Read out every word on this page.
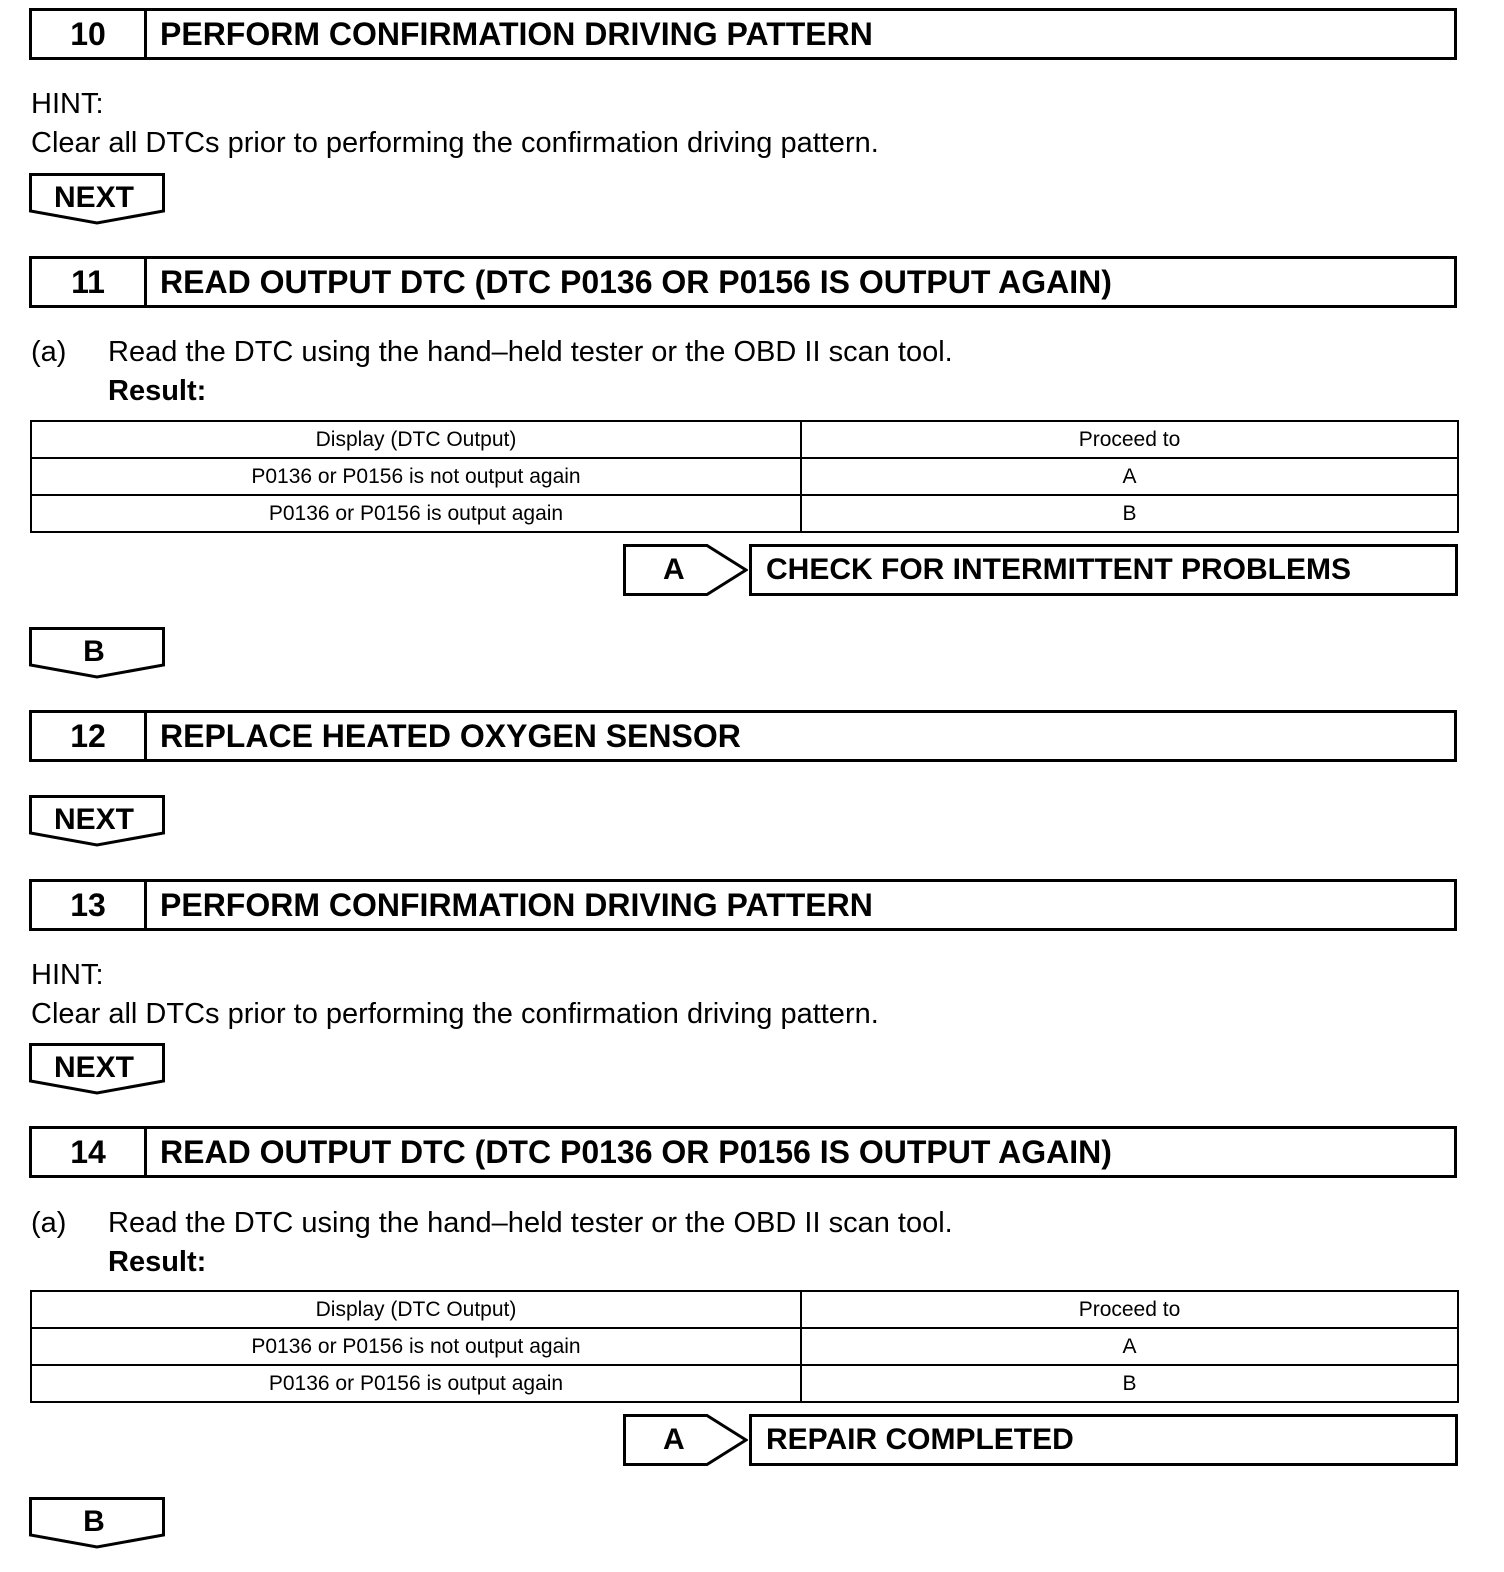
10	PERFORM CONFIRMATION DRIVING PATTERN
HINT:
Clear all DTCs prior to performing the confirmation driving pattern.
NEXT
11	READ OUTPUT DTC (DTC P0136 OR P0156 IS OUTPUT AGAIN)
(a) Read the DTC using the hand–held tester or the OBD II scan tool.
Result:
Display (DTC Output)	Proceed to
P0136 or P0156 is not output again	A
P0136 or P0156 is output again	B
A	CHECK FOR INTERMITTENT PROBLEMS
B
12	REPLACE HEATED OXYGEN SENSOR
NEXT
13	PERFORM CONFIRMATION DRIVING PATTERN
HINT:
Clear all DTCs prior to performing the confirmation driving pattern.
NEXT
14	READ OUTPUT DTC (DTC P0136 OR P0156 IS OUTPUT AGAIN)
(a) Read the DTC using the hand–held tester or the OBD II scan tool.
Result:
Display (DTC Output)	Proceed to
P0136 or P0156 is not output again	A
P0136 or P0156 is output again	B
A	REPAIR COMPLETED
B
